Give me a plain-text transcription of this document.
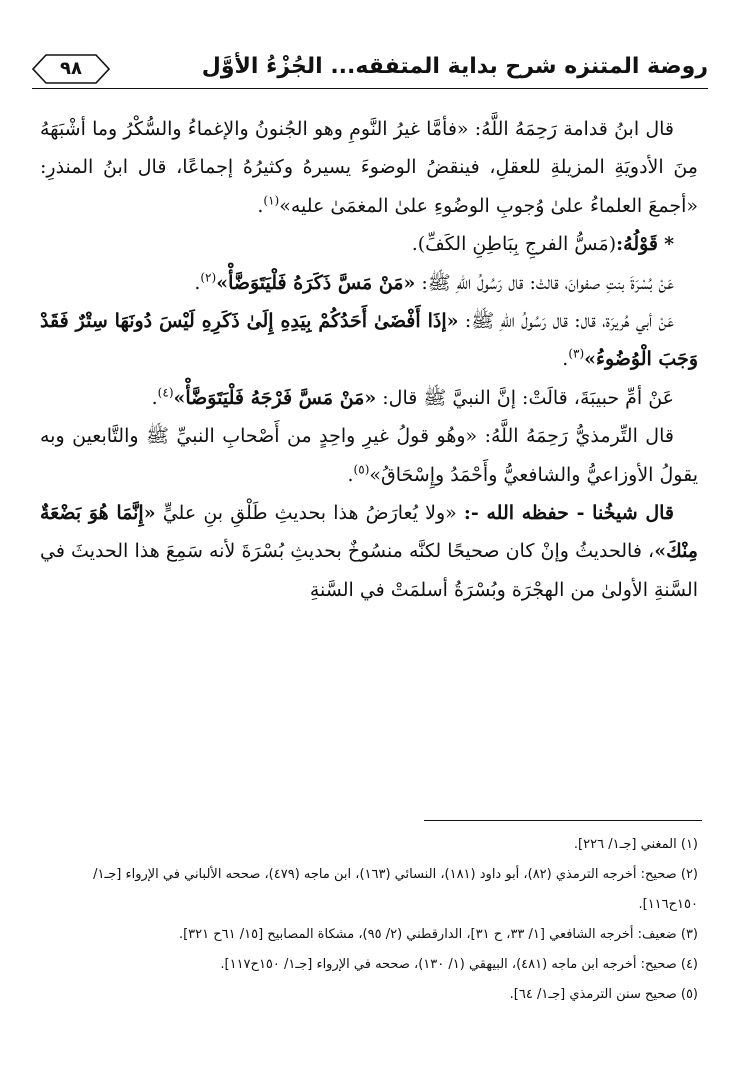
روضة المتنزه شرح بداية المتفقه... الجُزْءُ الأوَّل
٩٨

قال ابنُ قدامة رَحِمَهُ اللَّهُ: «فأمَّا غيرُ النَّومِ وهو الجُنونُ والإغماءُ والسُّكْرُ وما أشْبَهَهُ مِنَ الأدويَةِ المزيلةِ للعقلِ، فينقضُ الوضوءَ يسيرهُ وكثيرُهُ إجماعًا، قال ابنُ المنذرِ: «أجمعَ العلماءُ علىٰ وُجوبِ الوضُوءِ علىٰ المغمَىٰ عليه»$^{(١)}$.

* قَوْلُهُ:(مَسُّ الفرجِ بِبَاطِنِ الكَفِّ).

عَنْ بُسْرَةَ بنتِ صفوانَ، قالتْ: قال رَسُولُ اللهِ ﷺ: «مَنْ مَسَّ ذَكَرَهُ فَلْيَتَوَضَّأْ»$^{(٢)}$.

عَنْ أبي هُريرَة، قال: قال رَسُولُ اللهِ ﷺ: «إذَا أَفْضَىٰ أَحَدُكُمْ بِيَدِهِ إِلَىٰ ذَكَرِهِ لَيْسَ دُونَهَا سِتْرٌ فَقَدْ وَجَبَ الْوُضُوءُ»$^{(٣)}$.

عَنْ أمِّ حبيبَةَ، قالَتْ: إنَّ النبيَّ ﷺ قال: «مَنْ مَسَّ فَرْجَهُ فَلْيَتَوَضَّأْ»$^{(٤)}$.

قال التِّرمذيُّ رَحِمَهُ اللَّهُ: «وهُو قولُ غيرِ واحِدٍ من أَصْحابِ النبيِّ ﷺ والتَّابعين وبه يقولُ الأوزاعيُّ والشافعيُّ وأَحْمَدُ وإِسْحَاقُ»$^{(٥)}$.

قال شيخُنا - حفظه الله -: «ولا يُعارَضُ هذا بحديثِ طَلْقِ بنِ عليٍّ «إِنَّمَا هُوَ بَضْعَةٌ مِنْكَ»، فالحديثُ وإنْ كان صحيحًا لكنَّه منسُوخٌ بحديثِ بُسْرَةَ لأنه سَمِعَ هذا الحديثَ في السَّنةِ الأولىٰ من الهجْرَة وبُسْرَةُ أسلمَتْ في السَّنةِ

(١) المغني [جـ١/ ٢٢٦].

(٢) صحيح: أخرجه الترمذي (٨٢)، أبو داود (١٨١)، النسائي (١٦٣)، ابن ماجه (٤٧٩)، صححه الألباني في الإرواء [جـ١/ ١٥٠ح١١٦].

(٣) ضعيف: أخرجه الشافعي [١/ ٣٣، ح ٣١]، الدارقطني (٢/ ٩٥)، مشكاة المصابيح [١٥/ ٦١ح ٣٢١].

(٤) صحيح: أخرجه ابن ماجه (٤٨١)، البيهقي (١/ ١٣٠)، صححه في الإرواء [جـ١/ ١٥٠ح١١٧].

(٥) صحيح سنن الترمذي [جـ١/ ٦٤].
